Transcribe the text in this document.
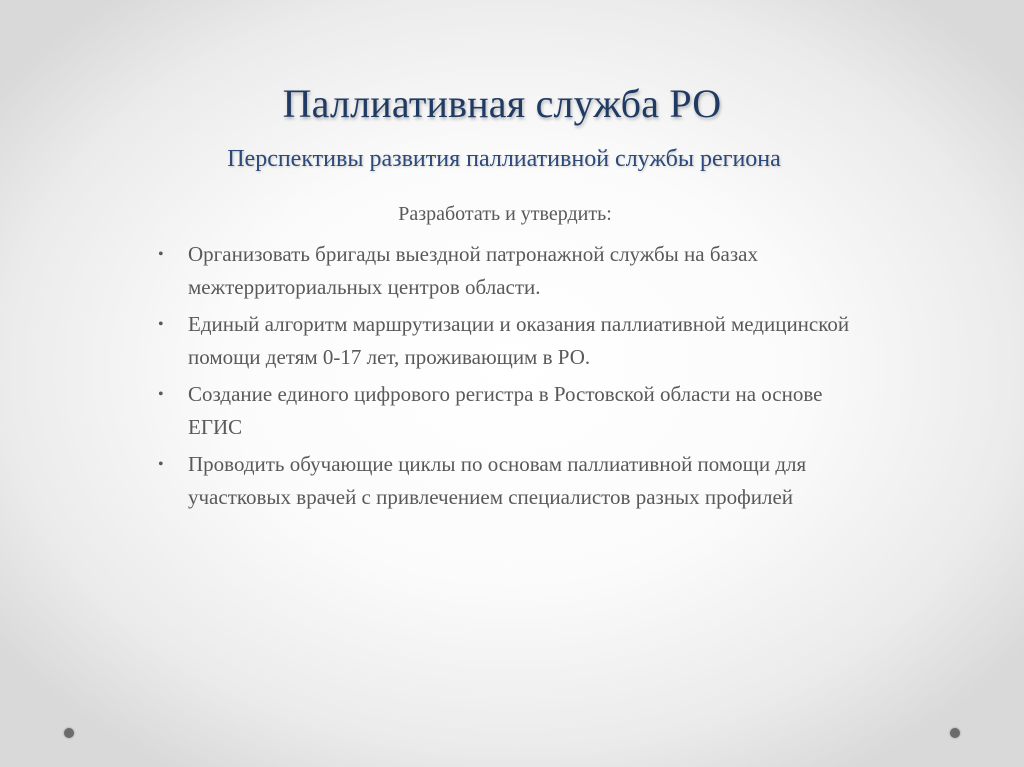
Паллиативная служба РО
Перспективы развития паллиативной службы региона
Разработать и утвердить:
• Организовать бригады выездной патронажной службы на базах межтерриториальных центров области.
• Единый алгоритм маршрутизации и оказания паллиативной медицинской помощи детям 0-17 лет, проживающим в РО.
• Создание единого цифрового регистра в Ростовской области на основе ЕГИС
• Проводить обучающие циклы по основам паллиативной помощи для участковых врачей с привлечением специалистов разных профилей
